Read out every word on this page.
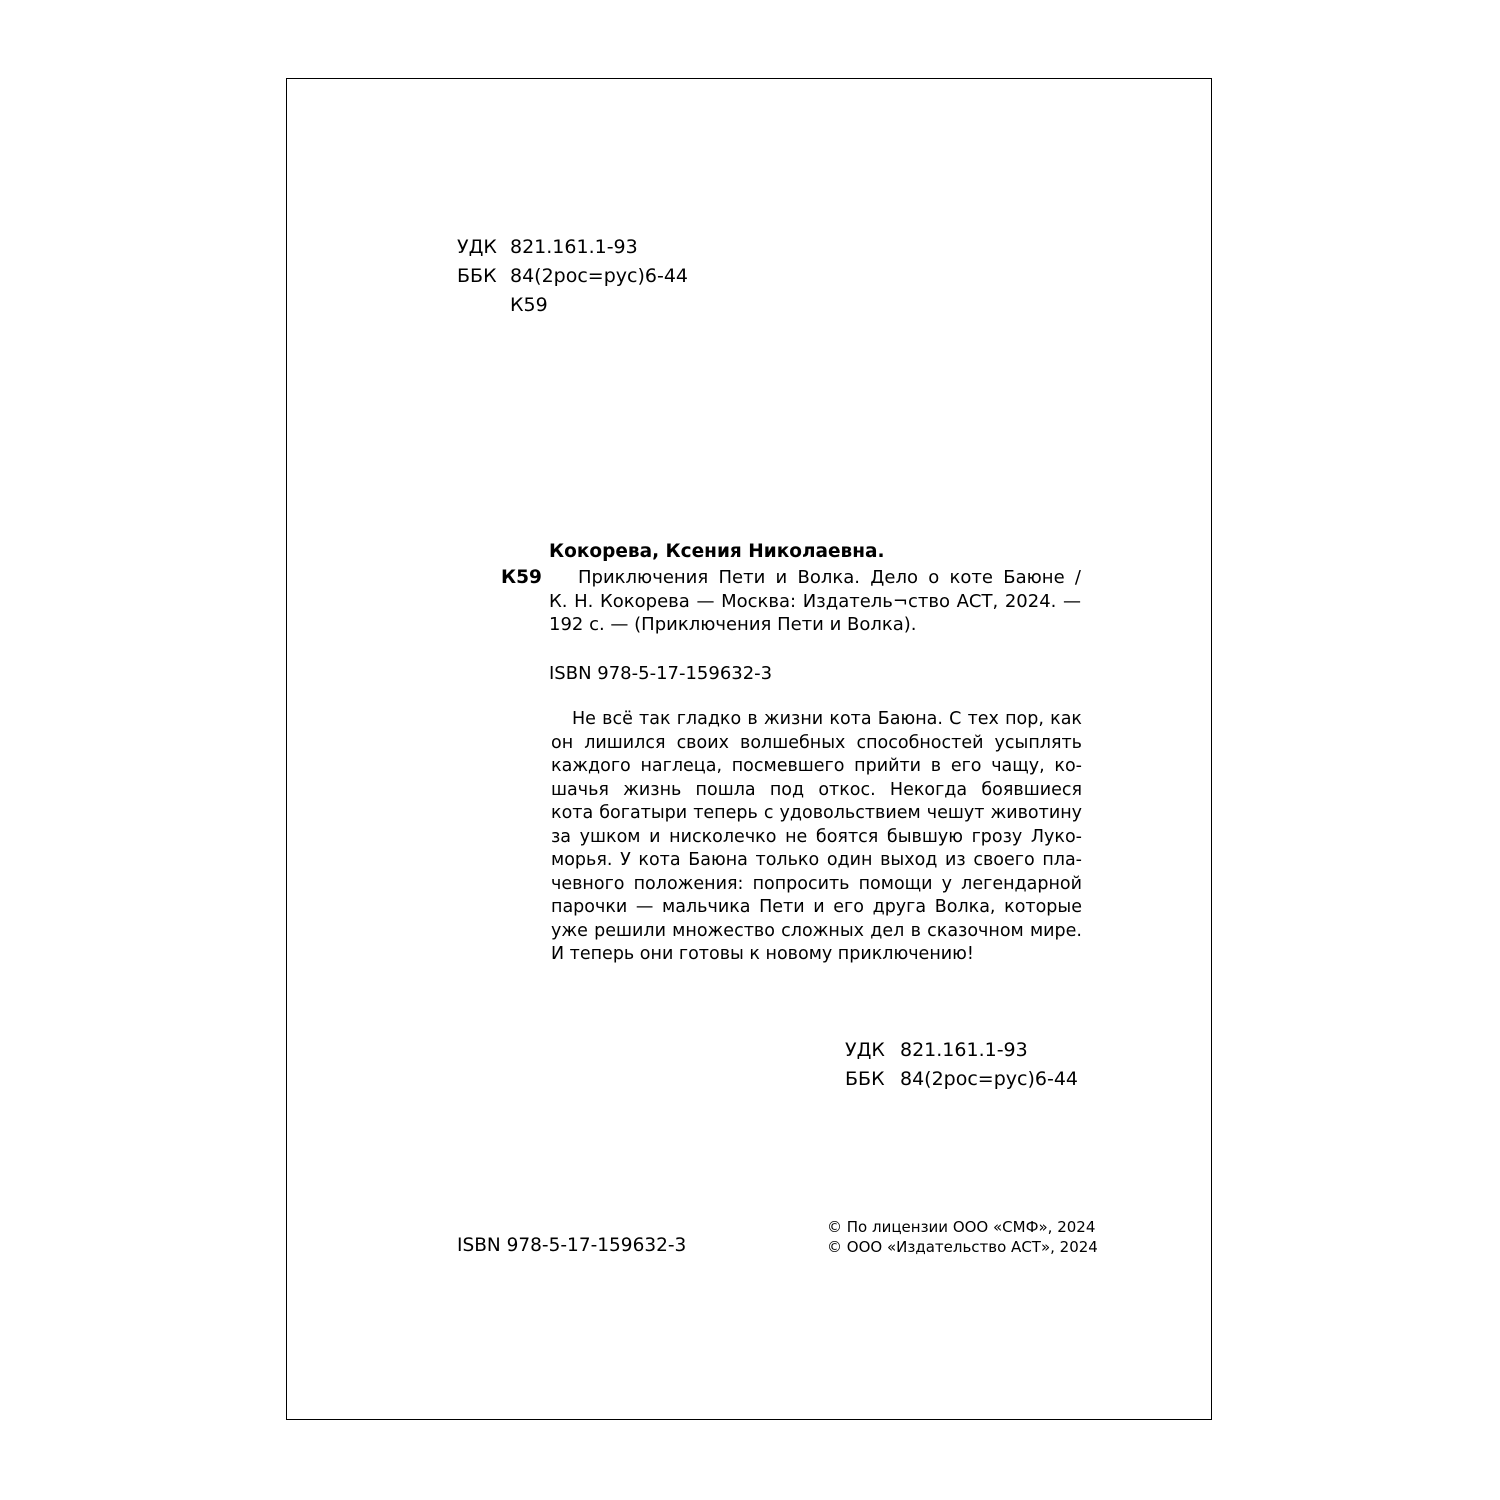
УДК 821.161.1-93
ББК 84(2рос=рус)6-44
К59
Кокорева, Ксения Николаевна.
К59	Приключения Пети и Волка. Дело о коте Баюне /
К. Н. Кокорева — Москва: Издатель¬ство АСТ, 2024. —
192 с. — (Приключения Пети и Волка).
ISBN 978-5-17-159632-3
Не всё так гладко в жизни кота Баюна. С тех пор, как
он лишился своих волшебных способностей усыплять
каждого наглеца, посмевшего прийти в его чащу, ко-
шачья жизнь пошла под откос. Некогда боявшиеся
кота богатыри теперь с удовольствием чешут животину
за ушком и нисколечко не боятся бывшую грозу Луко-
морья. У кота Баюна только один выход из своего пла-
чевного положения: попросить помощи у легендарной
парочки — мальчика Пети и его друга Волка, которые
уже решили множество сложных дел в сказочном мире.
И теперь они готовы к новому приключению!
УДК 821.161.1-93
ББК 84(2рос=рус)6-44
ISBN 978-5-17-159632-3
© По лицензии ООО «СМФ», 2024
© ООО «Издательство АСТ», 2024
